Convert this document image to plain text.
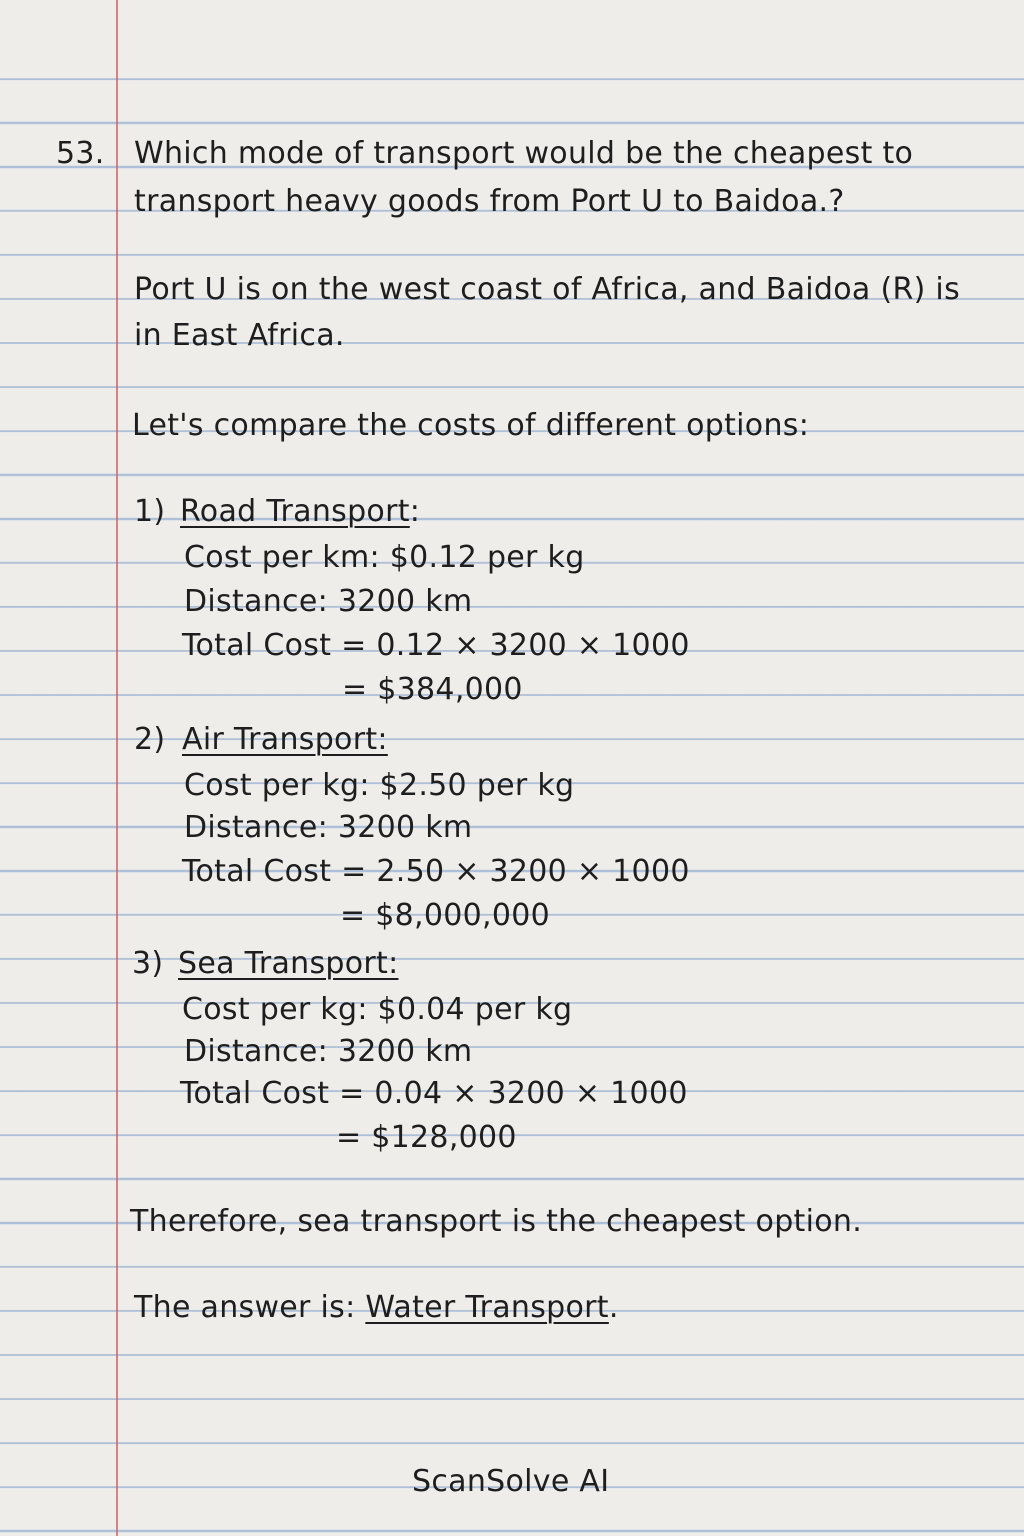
53. Which mode of transport would be the cheapest to
transport heavy goods from Port U to Baidoa.?
Port U is on the west coast of Africa, and Baidoa (R) is
in East Africa.
Let's compare the costs of different options:
1) Road Transport:
Cost per km: $0.12 per kg
Distance: 3200 km
Total Cost = 0.12 × 3200 × 1000
= $384,000
2) Air Transport:
Cost per kg: $2.50 per kg
Distance: 3200 km
Total Cost = 2.50 × 3200 × 1000
= $8,000,000
3) Sea Transport:
Cost per kg: $0.04 per kg
Distance: 3200 km
Total Cost = 0.04 × 3200 × 1000
= $128,000
Therefore, sea transport is the cheapest option.
The answer is: Water Transport.
ScanSolve AI
